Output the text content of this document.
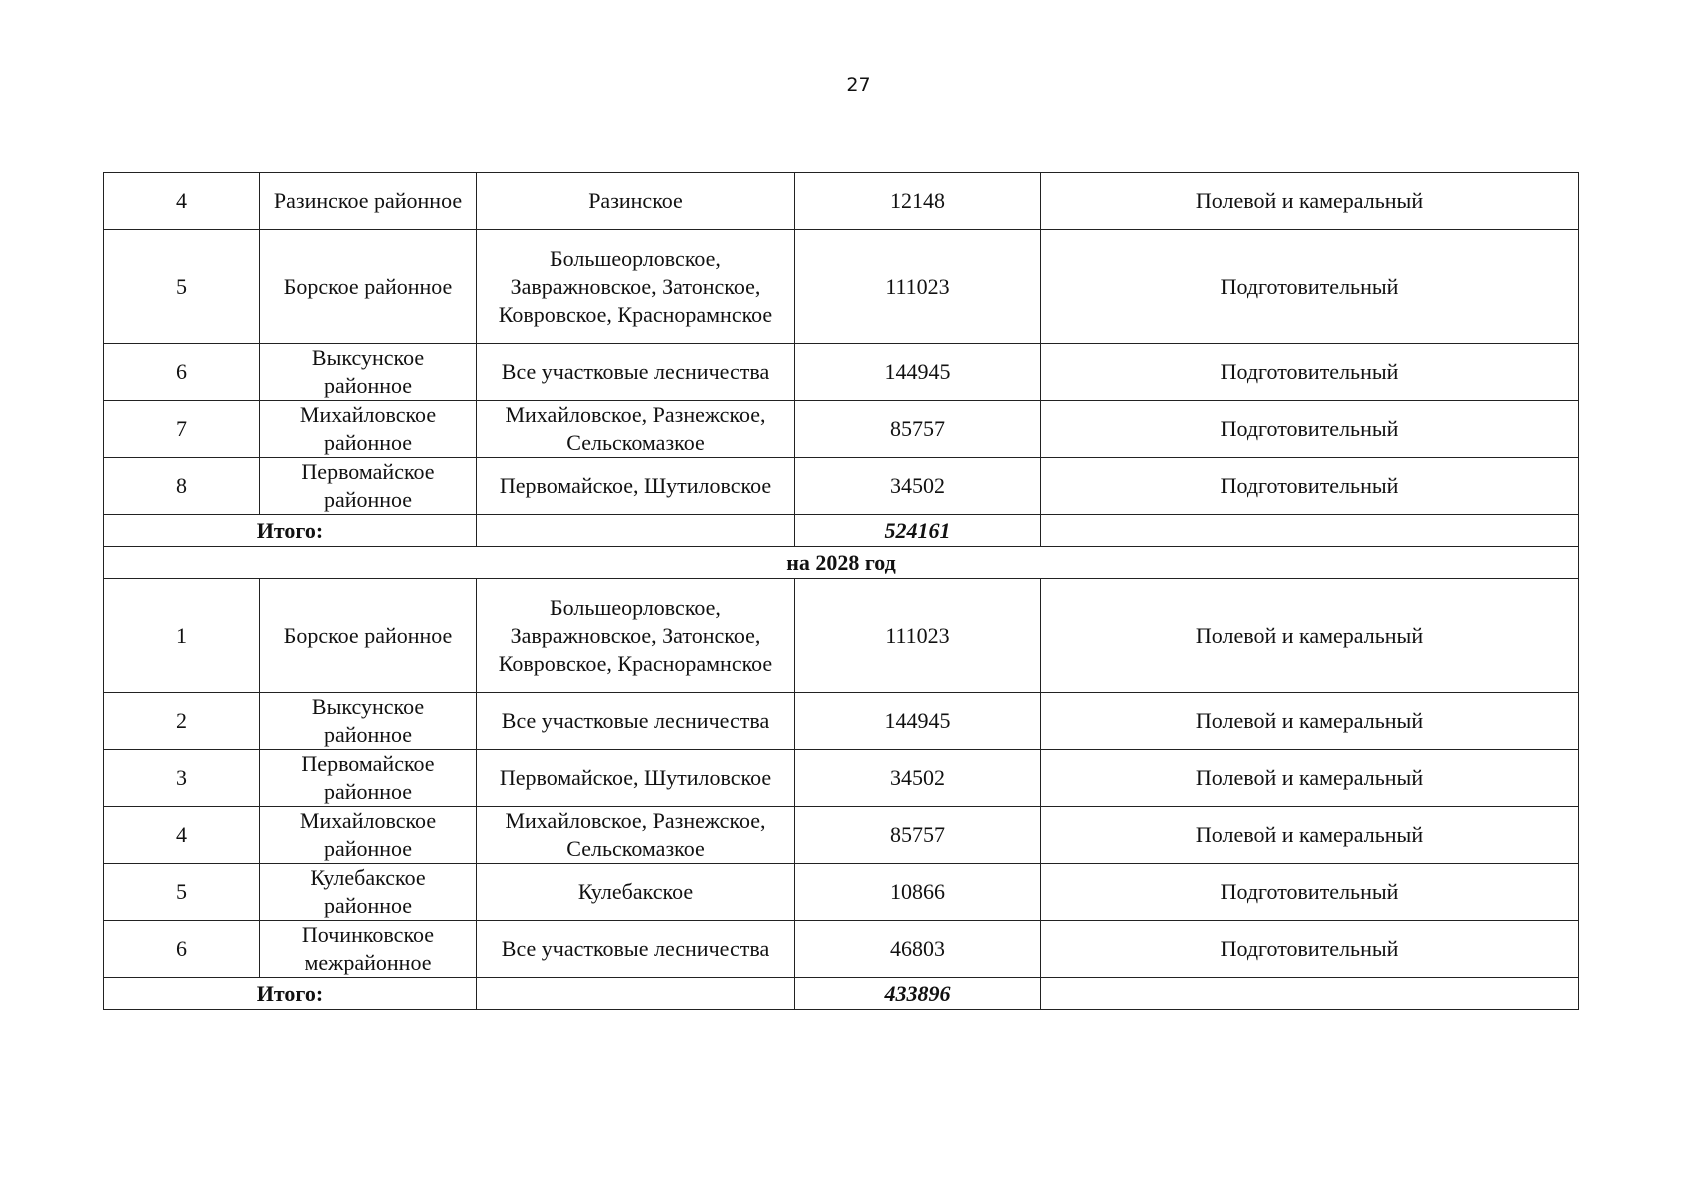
27
4	Разинское районное	Разинское	12148	Полевой и камеральный
5	Борское районное	Большеорловское, Завражновское, Затонское, Ковровское, Краснорамнское	111023	Подготовительный
6	Выксунское районное	Все участковые лесничества	144945	Подготовительный
7	Михайловское районное	Михайловское, Разнежское, Сельскомазкое	85757	Подготовительный
8	Первомайское районное	Первомайское, Шутиловское	34502	Подготовительный
Итого:			524161	
на 2028 год				
1	Борское районное	Большеорловское, Завражновское, Затонское, Ковровское, Краснорамнское	111023	Полевой и камеральный
2	Выксунское районное	Все участковые лесничества	144945	Полевой и камеральный
3	Первомайское районное	Первомайское, Шутиловское	34502	Полевой и камеральный
4	Михайловское районное	Михайловское, Разнежское, Сельскомазкое	85757	Полевой и камеральный
5	Кулебакское районное	Кулебакское	10866	Подготовительный
6	Починковское межрайонное	Все участковые лесничества	46803	Подготовительный
Итого:			433896	
